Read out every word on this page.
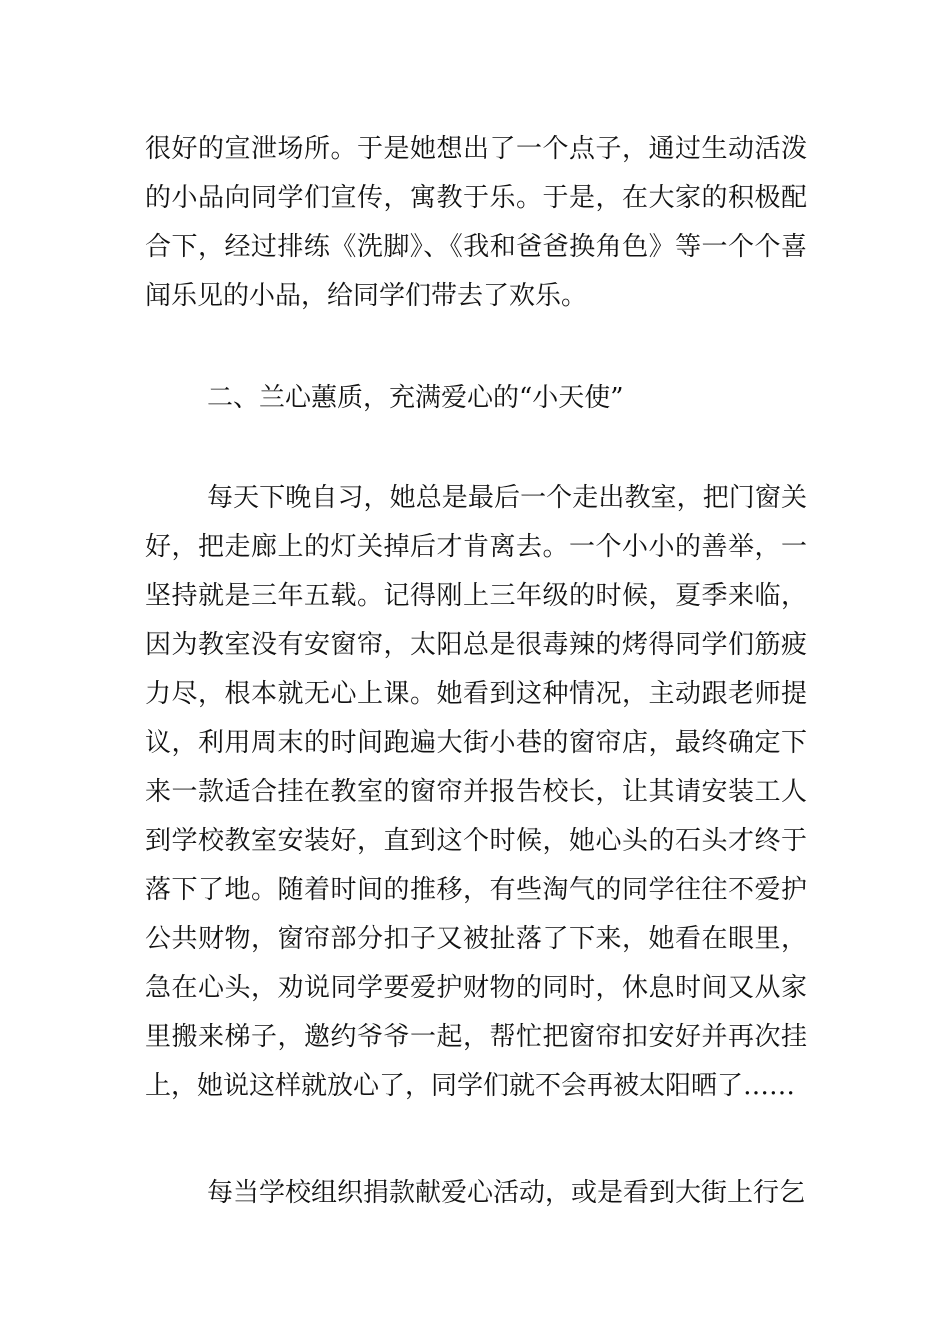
很好的宣泄场所。于是她想出了一个点子，通过生动活泼的小品向同学们宣传，寓教于乐。于是，在大家的积极配合下，经过排练《洗脚》、《我和爸爸换角色》等一个个喜闻乐见的小品，给同学们带去了欢乐。

二、兰心蕙质，充满爱心的“小天使”

每天下晚自习，她总是最后一个走出教室，把门窗关好，把走廊上的灯关掉后才肯离去。一个小小的善举，一坚持就是三年五载。记得刚上三年级的时候，夏季来临，因为教室没有安窗帘，太阳总是很毒辣的烤得同学们筋疲力尽，根本就无心上课。她看到这种情况，主动跟老师提议，利用周末的时间跑遍大街小巷的窗帘店，最终确定下来一款适合挂在教室的窗帘并报告校长，让其请安装工人到学校教室安装好，直到这个时候，她心头的石头才终于落下了地。随着时间的推移，有些淘气的同学往往不爱护公共财物，窗帘部分扣子又被扯落了下来，她看在眼里，急在心头，劝说同学要爱护财物的同时，休息时间又从家里搬来梯子，邀约爷爷一起，帮忙把窗帘扣安好并再次挂上，她说这样就放心了，同学们就不会再被太阳晒了……

每当学校组织捐款献爱心活动，或是看到大街上行乞
